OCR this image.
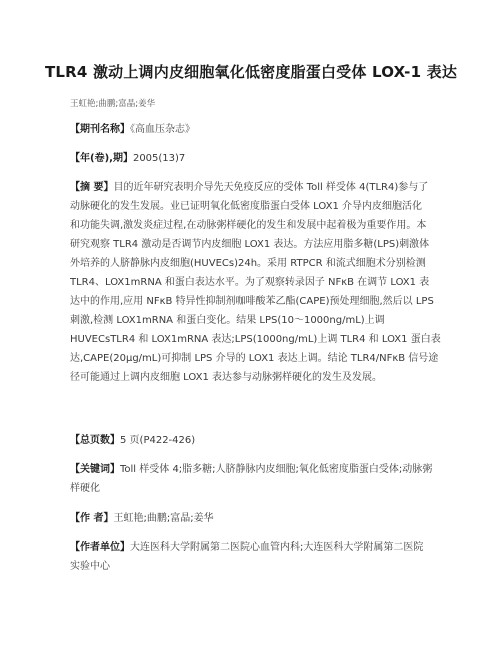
TLR4 激动上调内皮细胞氧化低密度脂蛋白受体 LOX-1 表达
王虹艳;曲鹏;富晶;姜华
【期刊名称】《高血压杂志》
【年(卷),期】2005(13)7
【摘 要】目的近年研究表明介导先天免疫反应的受体 Toll 样受体 4(TLR4)参与了
动脉硬化的发生发展。业已证明氧化低密度脂蛋白受体 LOX1 介导内皮细胞活化
和功能失调,激发炎症过程,在动脉粥样硬化的发生和发展中起着极为重要作用。本
研究观察 TLR4 激动是否调节内皮细胞 LOX1 表达。方法应用脂多糖(LPS)刺激体
外培养的人脐静脉内皮细胞(HUVECs)24h。采用 RTPCR 和流式细胞术分别检测
TLR4、LOX1mRNA 和蛋白表达水平。为了观察转录因子 NFκB 在调节 LOX1 表
达中的作用,应用 NFκB 特异性抑制剂咖啡酸苯乙酯(CAPE)预处理细胞,然后以 LPS
刺激,检测 LOX1mRNA 和蛋白变化。结果 LPS(10～1000ng/mL)上调
HUVECsTLR4 和 LOX1mRNA 表达;LPS(1000ng/mL)上调 TLR4 和 LOX1 蛋白表
达,CAPE(20μg/mL)可抑制 LPS 介导的 LOX1 表达上调。结论 TLR4/NFκB 信号途
径可能通过上调内皮细胞 LOX1 表达参与动脉粥样硬化的发生及发展。
【总页数】5 页(P422-426)
【关键词】Toll 样受体 4;脂多糖;人脐静脉内皮细胞;氧化低密度脂蛋白受体;动脉粥
样硬化
【作 者】王虹艳;曲鹏;富晶;姜华
【作者单位】大连医科大学附属第二医院心血管内科;大连医科大学附属第二医院
实验中心
